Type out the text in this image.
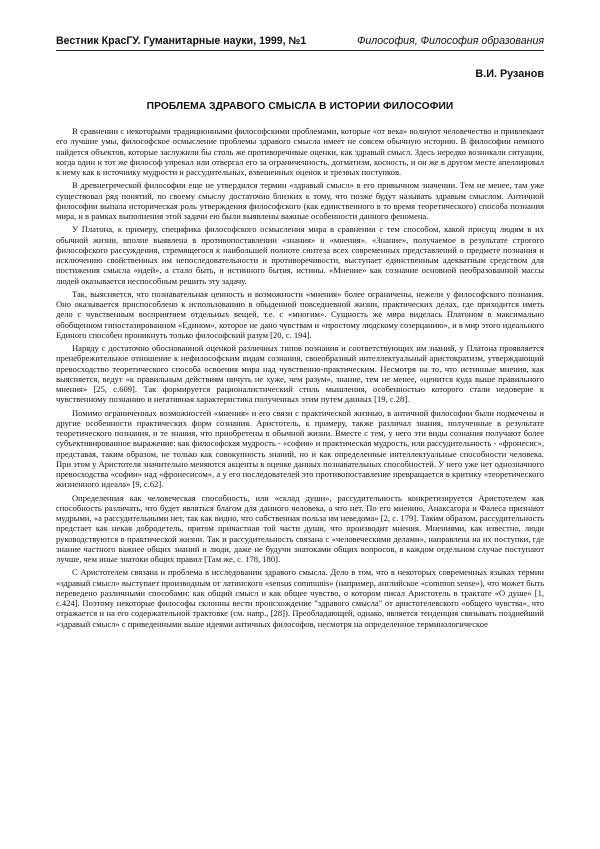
Вестник КрасГУ. Гуманитарные науки, 1999, №1	Философия, Философия образования
В.И. Рузанов
ПРОБЛЕМА ЗДРАВОГО СМЫСЛА В ИСТОРИИ ФИЛОСОФИИ

В сравнении с некоторыми традиционными философскими проблемами, которые «от века» волнуют человечество и привлекают его лучшие умы, философское осмысление проблемы здравого смысла имеет не совсем обычную историю. В философии немного найдется объектов, которые заслужили бы столь же противоречивые оценки, как здравый смысл. Здесь нередко возникали ситуации, когда один и тот же философ упрекал или отвергал его за ограниченность, догматизм, косность, и он же в другом месте апеллировал к нему как к источнику мудрости и рассудительных, взвешенных оценок и трезвых поступков.

В древнегреческой философии еще не утвердился термин «здравый смысл» в его привычном значении. Тем не менее, там уже существовал ряд понятий, по своему смыслу достаточно близких к тому, что позже будут называть здравым смыслом. Античной философии выпала историческая роль утверждения философского (как единственного в то время теоретического) способа познания мира, и в рамках выполнения этой задачи ею были выявлены важные особенности данного феномена.

У Платона, к примеру, специфика философского осмысления мира в сравнении с тем способом, какой присущ людям в их обычной жизни, вполне выявлена в противопоставлении «знания» и «мнения». «Знание», получаемое в результате строгого философского рассуждения, стремящегося к наибольшей полноте синтеза всех современных представлений о предмете познания и исключению свойственных им непоследовательности и противоречивости, выступает единственным адекватным средством для постижения смысла «идей», а стало быть, и истинного бытия, истины. «Мнение» как сознание основной необразованной массы людей оказывается неспособным решить эту задачу.

Так, выясняется, что познавательная ценность и возможности «мнения» более ограничены, нежели у философского познания. Оно оказывается приспособлено к использованию в обыденной повседневной жизни, практических делах, где приходится иметь дело с чувственным восприятием отдельных вещей, т.е. с «многим». Сущность же мира виделась Платоном в максимально обобщенном гипостазированном «Едином», которое не дано чувствам и «простому людскому созерцанию», и в мир этого идеального Единого способен проникнуть только философский разум [20, с. 194].

Наряду с достаточно обоснованной оценкой различных типов познания и соответствующих им знаний, у Платона проявляется пренебрежительное отношение к нефилософским видам сознания, своеобразный интеллектуальный аристократизм, утверждающий превосходство теоретического способа освоения мира над чувственно-практическим. Несмотря на то, что истинные мнения, как выясняется, ведут «к правильным действиям ничуть не хуже, чем разум», знание, тем не менее, «ценится куда выше правильного мнения» [25, с.609]. Так формируется рационалистический стиль мышления, особенностью которого стали недоверие к чувственному познанию и негативная характеристика полученных этим путем данных [19, с.28].

Помимо ограниченных возможностей «мнения» и его связи с практической жизнью, в античной философии были подмечены и другие особенности практических форм сознания. Аристотель, к примеру, также различал знания, полученные в результате теоретического познания, и те знания, что приобретены в обычной жизни. Вместе с тем, у него эти виды сознания получают более субъективированное выражение: как философская мудрость - «софия» и практическая мудрость, или рассудительность - «фронесис», представая, таким образом, не только как совокупность знаний, но и как определенные интеллектуальные способности человека. При этом у Аристотеля значительно меняются акценты в оценке данных познавательных способностей. У него уже нет однозначного превосходства «софии» над «фронесисом», а у его последователей это противопоставление превращается в критику «теоретического жизненного идеала» [9, с.62].

Определенная как человеческая способность, или «склад души», рассудительность конкретизируется Аристотелем как способность различать, что будет являться благом для данного человека, а что нет. По его мнению, Анаксагора и Фалеса признают мудрыми, «а рассудительными нет, так как видно, что собственная польза им неведома» [2, с. 179]. Таким образом, рассудительность предстает как некая добродетель, притом причастная той части души, что производит мнения. Мнениями, как известно, люди руководствуются в практической жизни. Так и рассудительность связана с «человеческими делами», направлена на их поступки, где знание частного важнее общих знаний и люди, даже не будучи знатоками общих вопросов, в каждом отдельном случае поступают лучше, чем иные знатоки общих правил [Там же, с. 178, 180].

С Аристотелем связана и проблема в исследовании здравого смысла. Дело в том, что в некоторых современных языках термин «здравый смысл» выступает производным от латинского «sensus communis» (например, английское «common sense»), что может быть переведено различными способами: как общий смысл и как общее чувство, о котором писал Аристотель в трактате «О душе» [1, с.424]. Поэтому некоторые философы склонны вести происхождение "здравого смысла" от аристотелевского «общего чувства», что отражается и на его содержательной трактовке (см. напр., [28]). Преобладающей, однако, является тенденция связывать позднейший «здравый смысл» с приведенными выше идеями античных философов, несмотря на определенное терминологическое
